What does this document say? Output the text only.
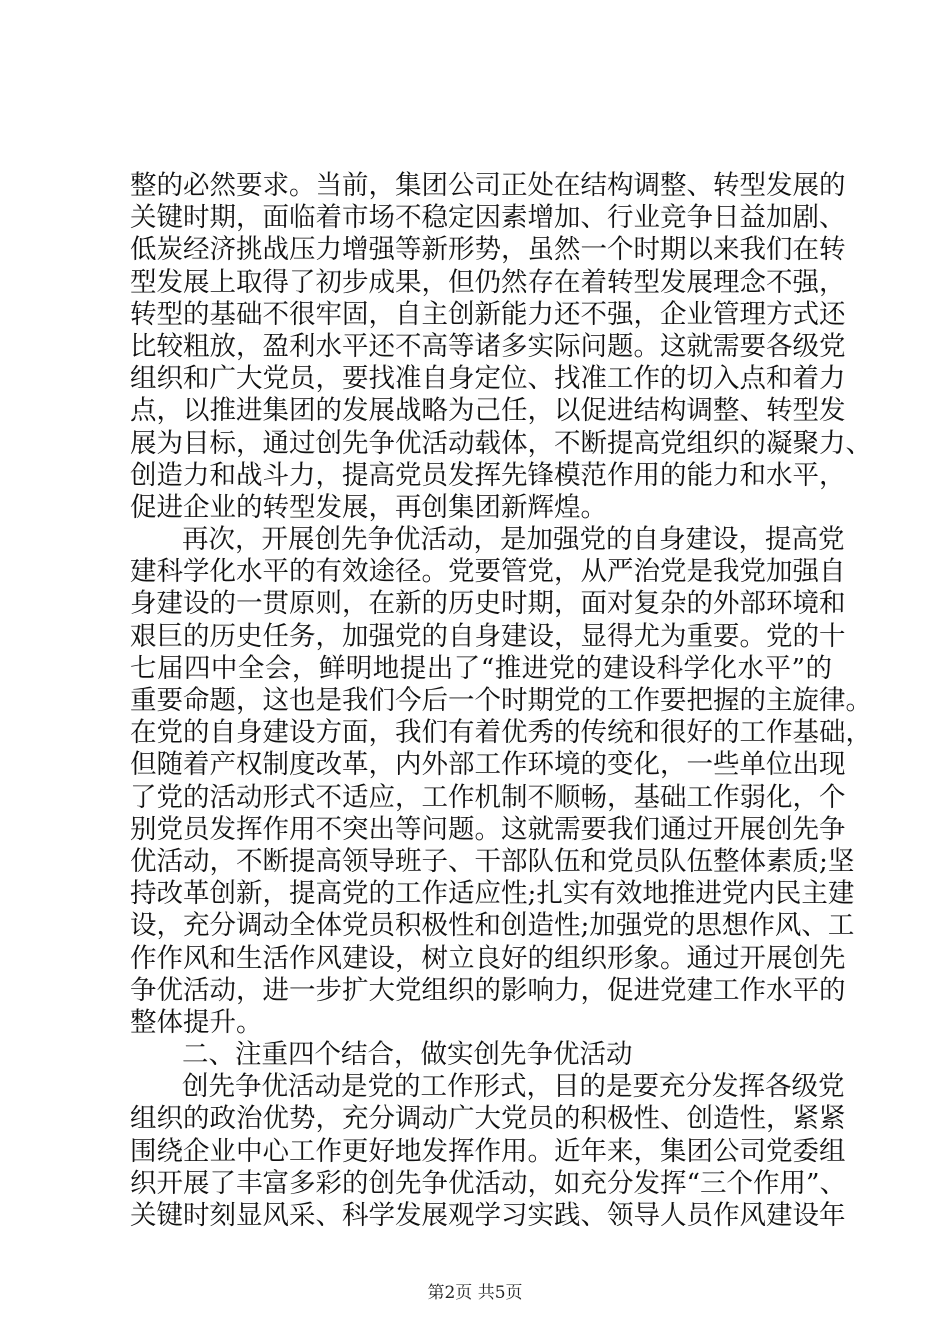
整的必然要求。当前，集团公司正处在结构调整、转型发展的
关键时期，面临着市场不稳定因素增加、行业竞争日益加剧、
低炭经济挑战压力增强等新形势，虽然一个时期以来我们在转
型发展上取得了初步成果，但仍然存在着转型发展理念不强，
转型的基础不很牢固，自主创新能力还不强，企业管理方式还
比较粗放，盈利水平还不高等诸多实际问题。这就需要各级党
组织和广大党员，要找准自身定位、找准工作的切入点和着力
点，以推进集团的发展战略为己任，以促进结构调整、转型发
展为目标，通过创先争优活动载体，不断提高党组织的凝聚力、
创造力和战斗力，提高党员发挥先锋模范作用的能力和水平，
促进企业的转型发展，再创集团新辉煌。
再次，开展创先争优活动，是加强党的自身建设，提高党
建科学化水平的有效途径。党要管党，从严治党是我党加强自
身建设的一贯原则，在新的历史时期，面对复杂的外部环境和
艰巨的历史任务，加强党的自身建设，显得尤为重要。党的十
七届四中全会，鲜明地提出了“推进党的建设科学化水平”的
重要命题，这也是我们今后一个时期党的工作要把握的主旋律。
在党的自身建设方面，我们有着优秀的传统和很好的工作基础，
但随着产权制度改革，内外部工作环境的变化，一些单位出现
了党的活动形式不适应，工作机制不顺畅，基础工作弱化，个
别党员发挥作用不突出等问题。这就需要我们通过开展创先争
优活动，不断提高领导班子、干部队伍和党员队伍整体素质;坚
持改革创新，提高党的工作适应性;扎实有效地推进党内民主建
设，充分调动全体党员积极性和创造性;加强党的思想作风、工
作作风和生活作风建设，树立良好的组织形象。通过开展创先
争优活动，进一步扩大党组织的影响力，促进党建工作水平的
整体提升。
二、注重四个结合，做实创先争优活动
创先争优活动是党的工作形式，目的是要充分发挥各级党
组织的政治优势，充分调动广大党员的积极性、创造性，紧紧
围绕企业中心工作更好地发挥作用。近年来，集团公司党委组
织开展了丰富多彩的创先争优活动，如充分发挥“三个作用”、
关键时刻显风采、科学发展观学习实践、领导人员作风建设年
第2页 共5页
